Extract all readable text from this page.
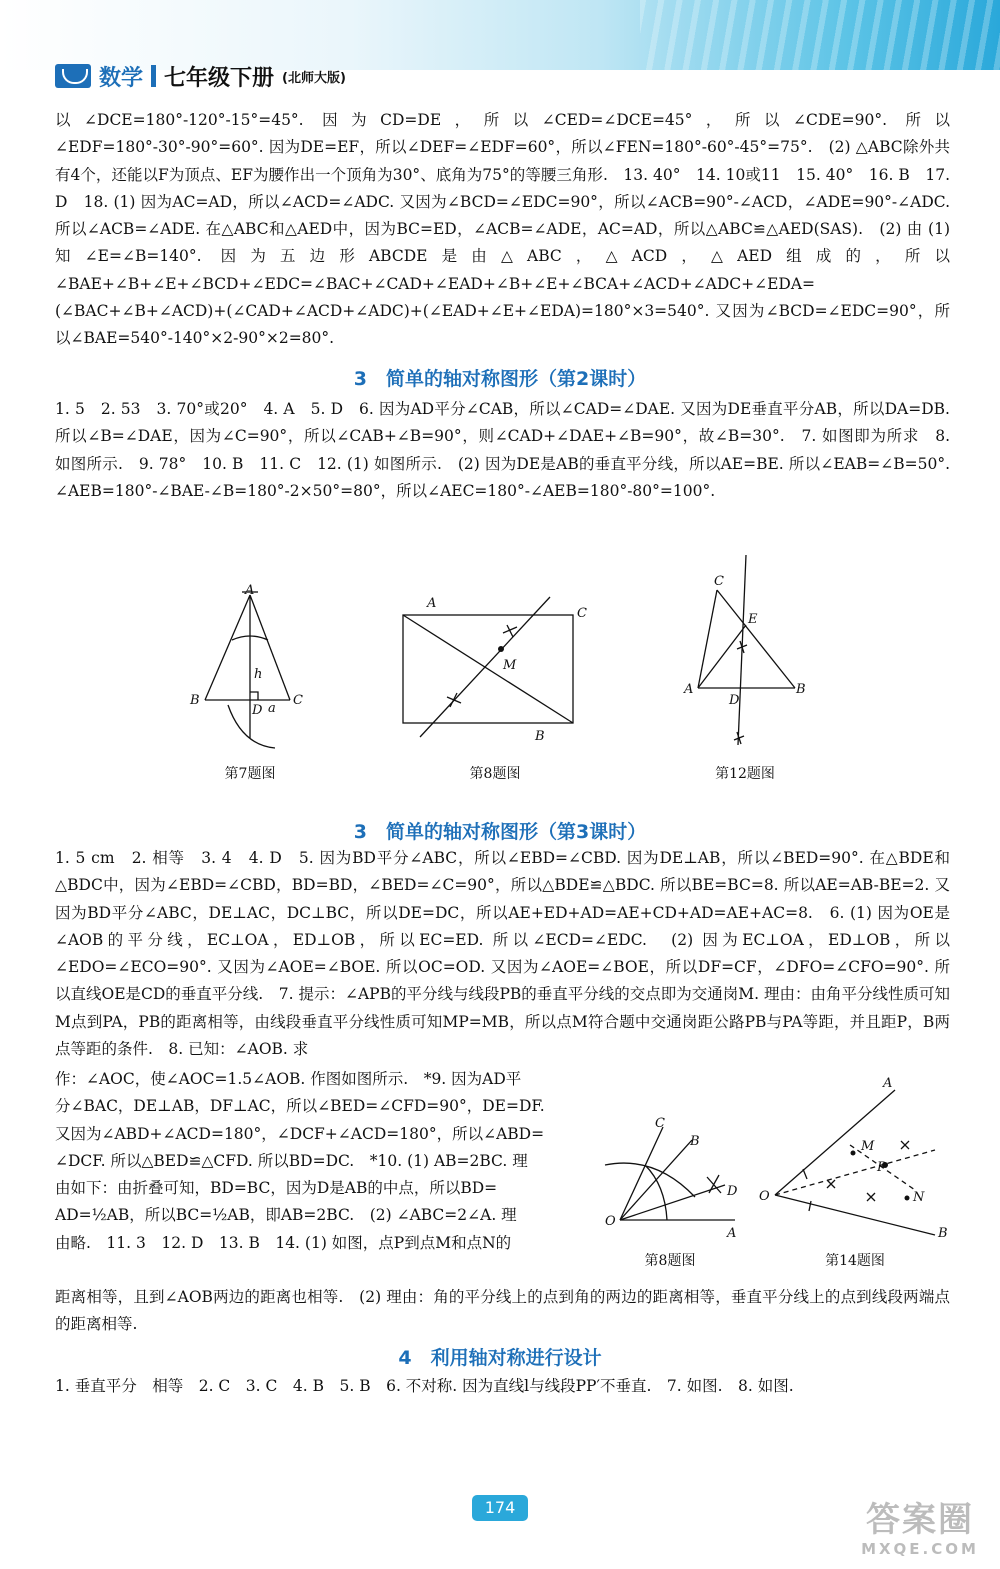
数学 七年级下册 (北师大版)
以∠DCE=180°-120°-15°=45°. 因为CD=DE，所以∠CED=∠DCE=45°，所以∠CDE=90°. 所以∠EDF=180°-30°-90°=60°. 因为DE=EF，所以∠DEF=∠EDF=60°，所以∠FEN=180°-60°-45°=75°.　(2) △ABC除外共有4个，还能以F为顶点、EF为腰作出一个顶角为30°、底角为75°的等腰三角形.　13. 40°　14. 10或11　15. 40°　16. B　17. D　18. (1) 因为AC=AD，所以∠ACD=∠ADC. 又因为∠BCD=∠EDC=90°，所以∠ACB=90°-∠ACD，∠ADE=90°-∠ADC. 所以∠ACB=∠ADE. 在△ABC和△AED中，因为BC=ED，∠ACB=∠ADE，AC=AD，所以△ABC≌△AED(SAS).　(2) 由 (1) 知∠E=∠B=140°. 因为五边形ABCDE是由△ABC，△ACD，△AED组成的，所以∠BAE+∠B+∠E+∠BCD+∠EDC=∠BAC+∠CAD+∠EAD+∠B+∠E+∠BCA+∠ACD+∠ADC+∠EDA=(∠BAC+∠B+∠ACD)+(∠CAD+∠ACD+∠ADC)+(∠EAD+∠E+∠EDA)=180°×3=540°. 又因为∠BCD=∠EDC=90°，所以∠BAE=540°-140°×2-90°×2=80°.
3　简单的轴对称图形（第2课时）
1. 5　2. 53　3. 70°或20°　4. A　5. D　6. 因为AD平分∠CAB，所以∠CAD=∠DAE. 又因为DE垂直平分AB，所以DA=DB. 所以∠B=∠DAE，因为∠C=90°，所以∠CAB+∠B=90°，则∠CAD+∠DAE+∠B=90°，故∠B=30°.　7. 如图即为所求　8. 如图所示.　9. 78°　10. B　11. C　12. (1) 如图所示.　(2) 因为DE是AB的垂直平分线，所以AE=BE. 所以∠EAB=∠B=50°. ∠AEB=180°-∠BAE-∠B=180°-2×50°=80°，所以∠AEC=180°-∠AEB=180°-80°=100°.
A
B	C
D
h
a
第7题图
A
C
M
B
第8题图
C
E
A	B
D
第12题图
3　简单的轴对称图形（第3课时）
1. 5 cm　2. 相等　3. 4　4. D　5. 因为BD平分∠ABC，所以∠EBD=∠CBD. 因为DE⊥AB，所以∠BED=90°. 在△BDE和△BDC中，因为∠EBD=∠CBD，BD=BD，∠BED=∠C=90°，所以△BDE≌△BDC. 所以BE=BC=8. 所以AE=AB-BE=2. 又因为BD平分∠ABC，DE⊥AC，DC⊥BC，所以DE=DC，所以AE+ED+AD=AE+CD+AD=AE+AC=8.　6. (1) 因为OE是∠AOB的平分线，EC⊥OA，ED⊥OB，所以EC=ED. 所以∠ECD=∠EDC.　(2) 因为EC⊥OA，ED⊥OB，所以∠EDO=∠ECO=90°. 又因为∠AOE=∠BOE. 所以OC=OD. 又因为∠AOE=∠BOE，所以DF=CF，∠DFO=∠CFO=90°. 所以直线OE是CD的垂直平分线.　7. 提示：∠APB的平分线与线段PB的垂直平分线的交点即为交通岗M. 理由：由角平分线性质可知M点到PA，PB的距离相等，由线段垂直平分线性质可知MP=MB，所以点M符合题中交通岗距公路PB与PA等距，并且距P，B两点等距的条件.　8. 已知：∠AOB. 求
作：∠AOC，使∠AOC=1.5∠AOB. 作图如图所示.　*9. 因为AD平
分∠BAC，DE⊥AB，DF⊥AC，所以∠BED=∠CFD=90°，DE=DF.
又因为∠ABD+∠ACD=180°，∠DCF+∠ACD=180°，所以∠ABD=
∠DCF. 所以△BED≌△CFD. 所以BD=DC.　*10. (1) AB=2BC. 理
由如下：由折叠可知，BD=BC，因为D是AB的中点，所以BD=
AD=½AB，所以BC=½AB，即AB=2BC.　(2) ∠ABC=2∠A. 理
由略.　11. 3　12. D　13. B　14. (1) 如图，点P到点M和点N的
O
A
B
C
D
第8题图
O
A
B
M
P
N
第14题图
距离相等，且到∠AOB两边的距离也相等.　(2) 理由：角的平分线上的点到角的两边的距离相等，垂直平分线上的点到线段两端点的距离相等.
4　利用轴对称进行设计
1. 垂直平分　相等　2. C　3. C　4. B　5. B　6. 不对称. 因为直线l与线段PP′不垂直.　7. 如图.　8. 如图.
174	答案圈
MXQE.COM
